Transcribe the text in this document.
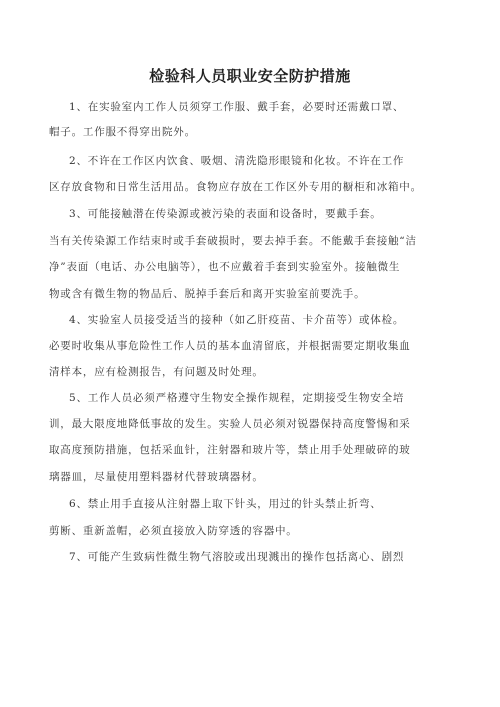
检验科人员职业安全防护措施
1、在实验室内工作人员须穿工作服、戴手套，必要时还需戴口罩、
帽子。工作服不得穿出院外。
2、不许在工作区内饮食、吸烟、清洗隐形眼镜和化妆。不许在工作
区存放食物和日常生活用品。食物应存放在工作区外专用的橱柜和冰箱中。
3、可能接触潜在传染源或被污染的表面和设备时，要戴手套。
当有关传染源工作结束时或手套破损时，要去掉手套。不能戴手套接触“洁
净”表面（电话、办公电脑等），也不应戴着手套到实验室外。接触微生
物或含有微生物的物品后、脱掉手套后和离开实验室前要洗手。
4、实验室人员接受适当的接种（如乙肝疫苗、卡介苗等）或体检。
必要时收集从事危险性工作人员的基本血清留底，并根据需要定期收集血
清样本，应有检测报告，有问题及时处理。
5、工作人员必须严格遵守生物安全操作规程，定期接受生物安全培
训，最大限度地降低事故的发生。实验人员必须对锐器保持高度警惕和采
取高度预防措施，包括采血针，注射器和玻片等，禁止用手处理破碎的玻
璃器皿，尽量使用塑料器材代替玻璃器材。
6、禁止用手直接从注射器上取下针头，用过的针头禁止折弯、
剪断、重新盖帽，必须直接放入防穿透的容器中。
7、可能产生致病性微生物气溶胶或出现溅出的操作包括离心、剧烈
